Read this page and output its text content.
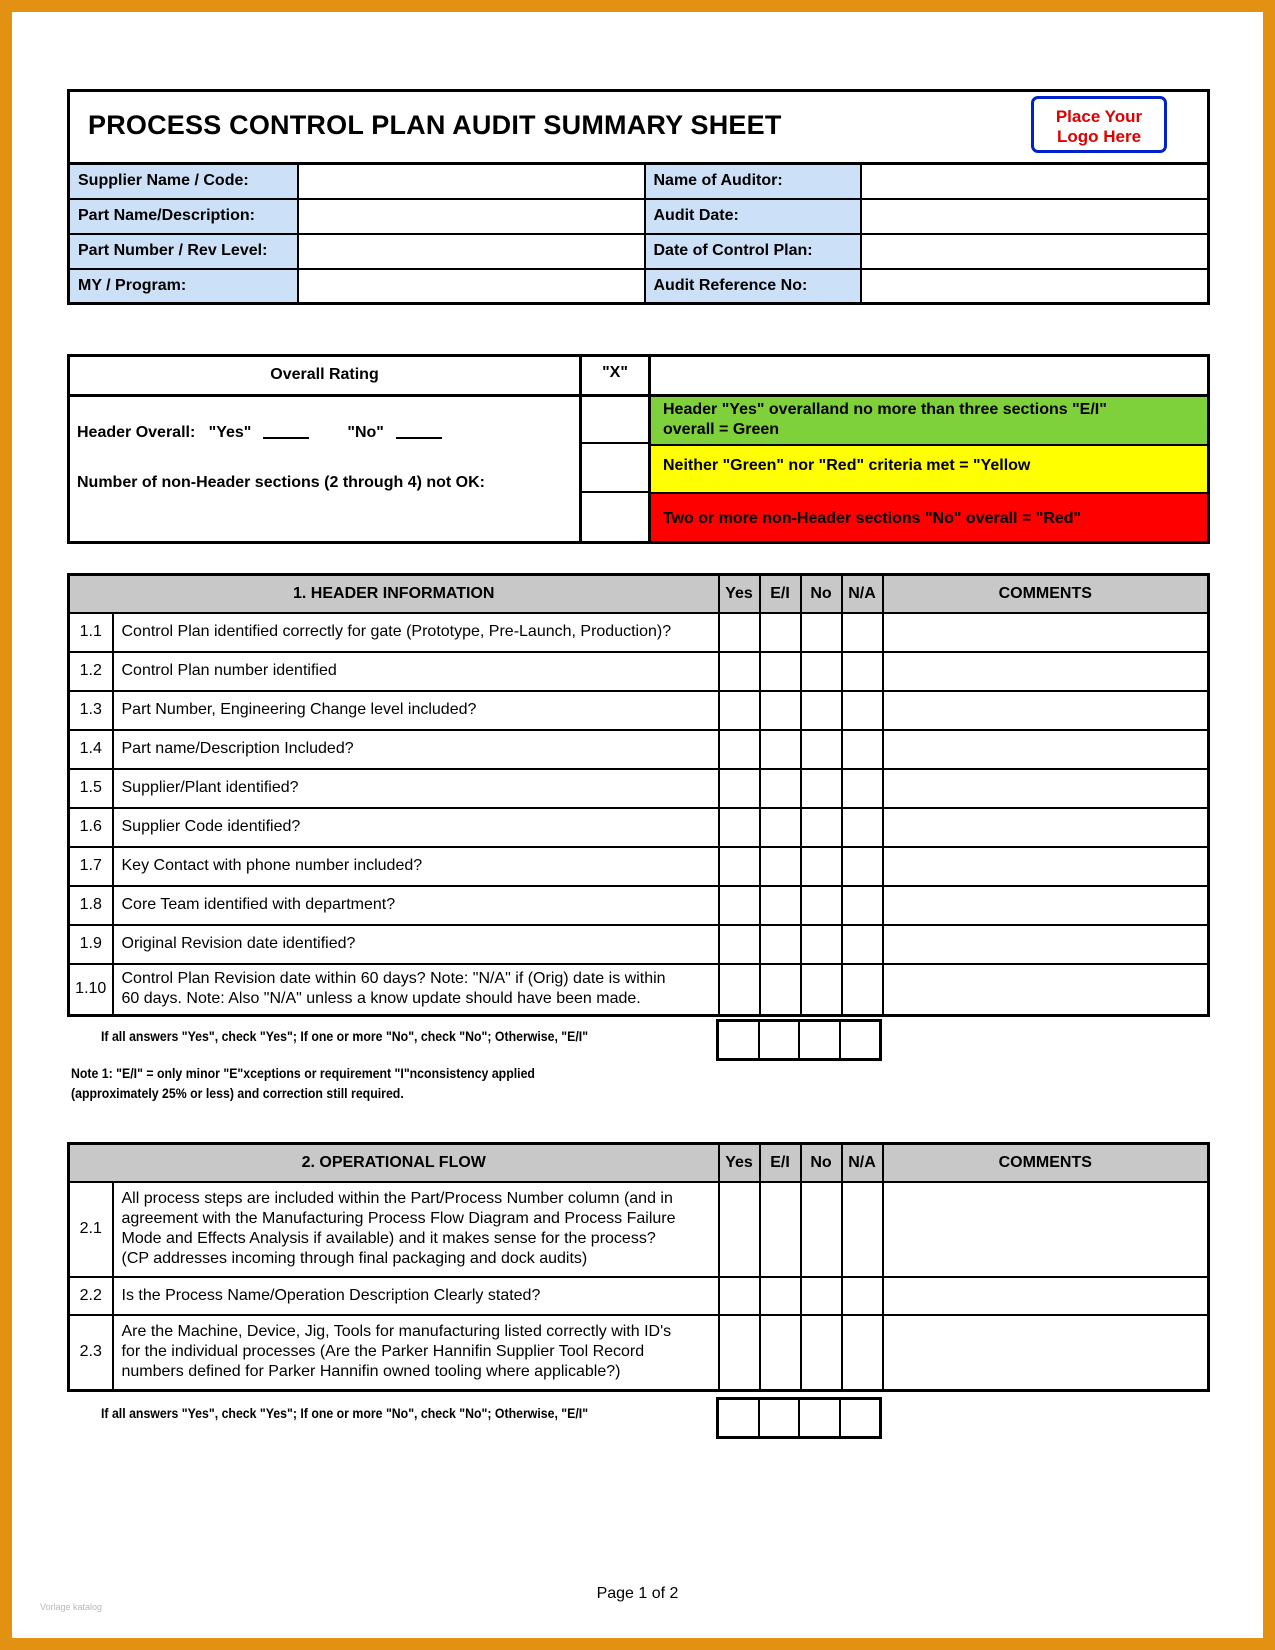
PROCESS CONTROL PLAN AUDIT SUMMARY SHEET	Place Your
Logo Here
Supplier Name / Code:		Name of Auditor:	
Part Name/Description:		Audit Date:	
Part Number / Rev Level:		Date of Control Plan:	
MY / Program:		Audit Reference No:	
Overall Rating	"X"
Header Overall:   "Yes"	"No"
Number of non-Header sections (2 through 4) not OK:
Header "Yes" overalland no more than three sections "E/I"
overall = Green
Neither "Green" nor "Red" criteria met = "Yellow
Two or more non-Header sections "No" overall = "Red"
1. HEADER INFORMATION		Yes	E/I	No	N/A	COMMENTS
1.1	Control Plan identified correctly for gate (Prototype, Pre-Launch, Production)?					
1.2	Control Plan number identified					
1.3	Part Number, Engineering Change level included?					
1.4	Part name/Description Included?					
1.5	Supplier/Plant identified?					
1.6	Supplier Code identified?					
1.7	Key Contact with phone number included?					
1.8	Core Team identified with department?					
1.9	Original Revision date identified?					
1.10	Control Plan Revision date within 60 days? Note: "N/A" if (Orig) date is within
60 days. Note: Also "N/A" unless a know update should have been made.					

If all answers "Yes", check "Yes"; If one or more "No", check "No"; Otherwise, "E/I"

Note 1: "E/I" = only minor "E"xceptions or requirement "I"nconsistency applied
(approximately 25% or less) and correction still required.
2. OPERATIONAL FLOW		Yes	E/I	No	N/A	COMMENTS
2.1	All process steps are included within the Part/Process Number column (and in
agreement with the Manufacturing Process Flow Diagram and Process Failure
Mode and Effects Analysis if available) and it makes sense for the process?
(CP addresses incoming through final packaging and dock audits)					

2.2	Is the Process Name/Operation Description Clearly stated?					

2.3	Are the Machine, Device, Jig, Tools for manufacturing listed correctly with ID's
for the individual processes (Are the Parker Hannifin Supplier Tool Record
numbers defined for Parker Hannifin owned tooling where applicable?)					

If all answers "Yes", check "Yes"; If one or more "No", check "No"; Otherwise, "E/I"

Page 1 of 2
Vorlage katalog
